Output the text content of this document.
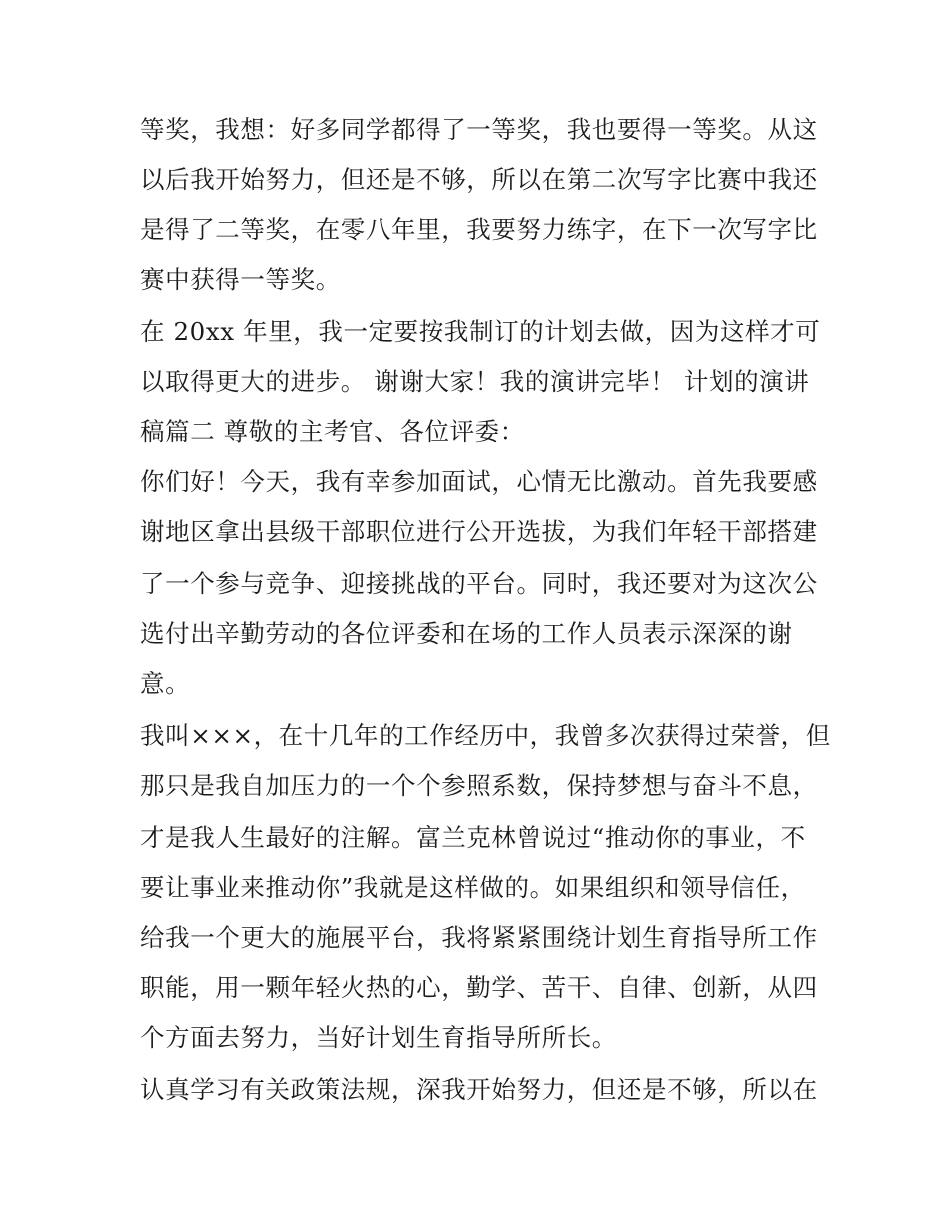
等奖，我想：好多同学都得了一等奖，我也要得一等奖。从这
以后我开始努力，但还是不够，所以在第二次写字比赛中我还
是得了二等奖，在零八年里，我要努力练字，在下一次写字比
赛中获得一等奖。
在 20xx 年里，我一定要按我制订的计划去做，因为这样才可
以取得更大的进步。 谢谢大家！我的演讲完毕！ 计划的演讲
稿篇二 尊敬的主考官、各位评委：
你们好！今天，我有幸参加面试，心情无比激动。首先我要感
谢地区拿出县级干部职位进行公开选拔，为我们年轻干部搭建
了一个参与竞争、迎接挑战的平台。同时，我还要对为这次公
选付出辛勤劳动的各位评委和在场的工作人员表示深深的谢
意。
我叫×××，在十几年的工作经历中，我曾多次获得过荣誉，但
那只是我自加压力的一个个参照系数，保持梦想与奋斗不息，
才是我人生最好的注解。富兰克林曾说过“推动你的事业，不
要让事业来推动你”我就是这样做的。如果组织和领导信任，
给我一个更大的施展平台，我将紧紧围绕计划生育指导所工作
职能，用一颗年轻火热的心，勤学、苦干、自律、创新，从四
个方面去努力，当好计划生育指导所所长。
认真学习有关政策法规，深我开始努力，但还是不够，所以在
